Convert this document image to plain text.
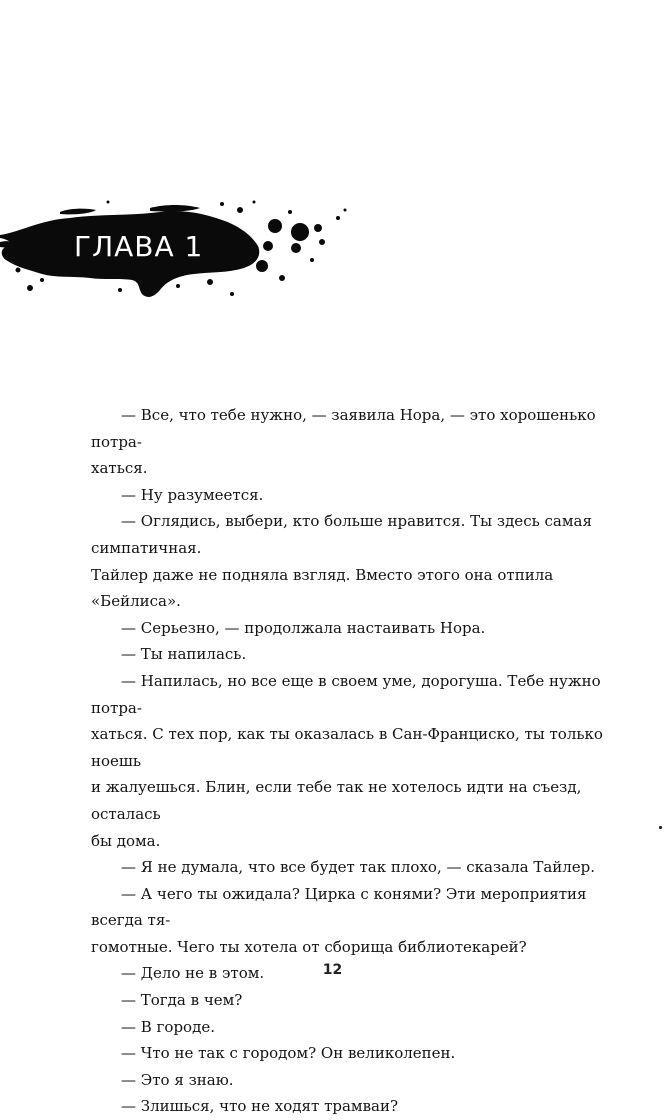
ГЛАВА 1

— Все, что тебе нужно, — заявила Нора, — это хорошенько потра-
хаться.

— Ну разумеется.

— Оглядись, выбери, кто больше нравится. Ты здесь самая симпатичная.
Тайлер даже не подняла взгляд. Вместо этого она отпила «Бейлиса».

— Серьезно, — продолжала настаивать Нора.

— Ты напилась.

— Напилась, но все еще в своем уме, дорогуша. Тебе нужно потра-
хаться. С тех пор, как ты оказалась в Сан-Франциско, ты только ноешь
и жалуешься. Блин, если тебе так не хотелось идти на съезд, осталась
бы дома.

— Я не думала, что все будет так плохо, — сказала Тайлер.

— А чего ты ожидала? Цирка с конями? Эти мероприятия всегда тя-
гомотные. Чего ты хотела от сборища библиотекарей?

— Дело не в этом.

— Тогда в чем?

— В городе.

— Что не так с городом? Он великолепен.

— Это я знаю.

— Злишься, что не ходят трамваи?

12
